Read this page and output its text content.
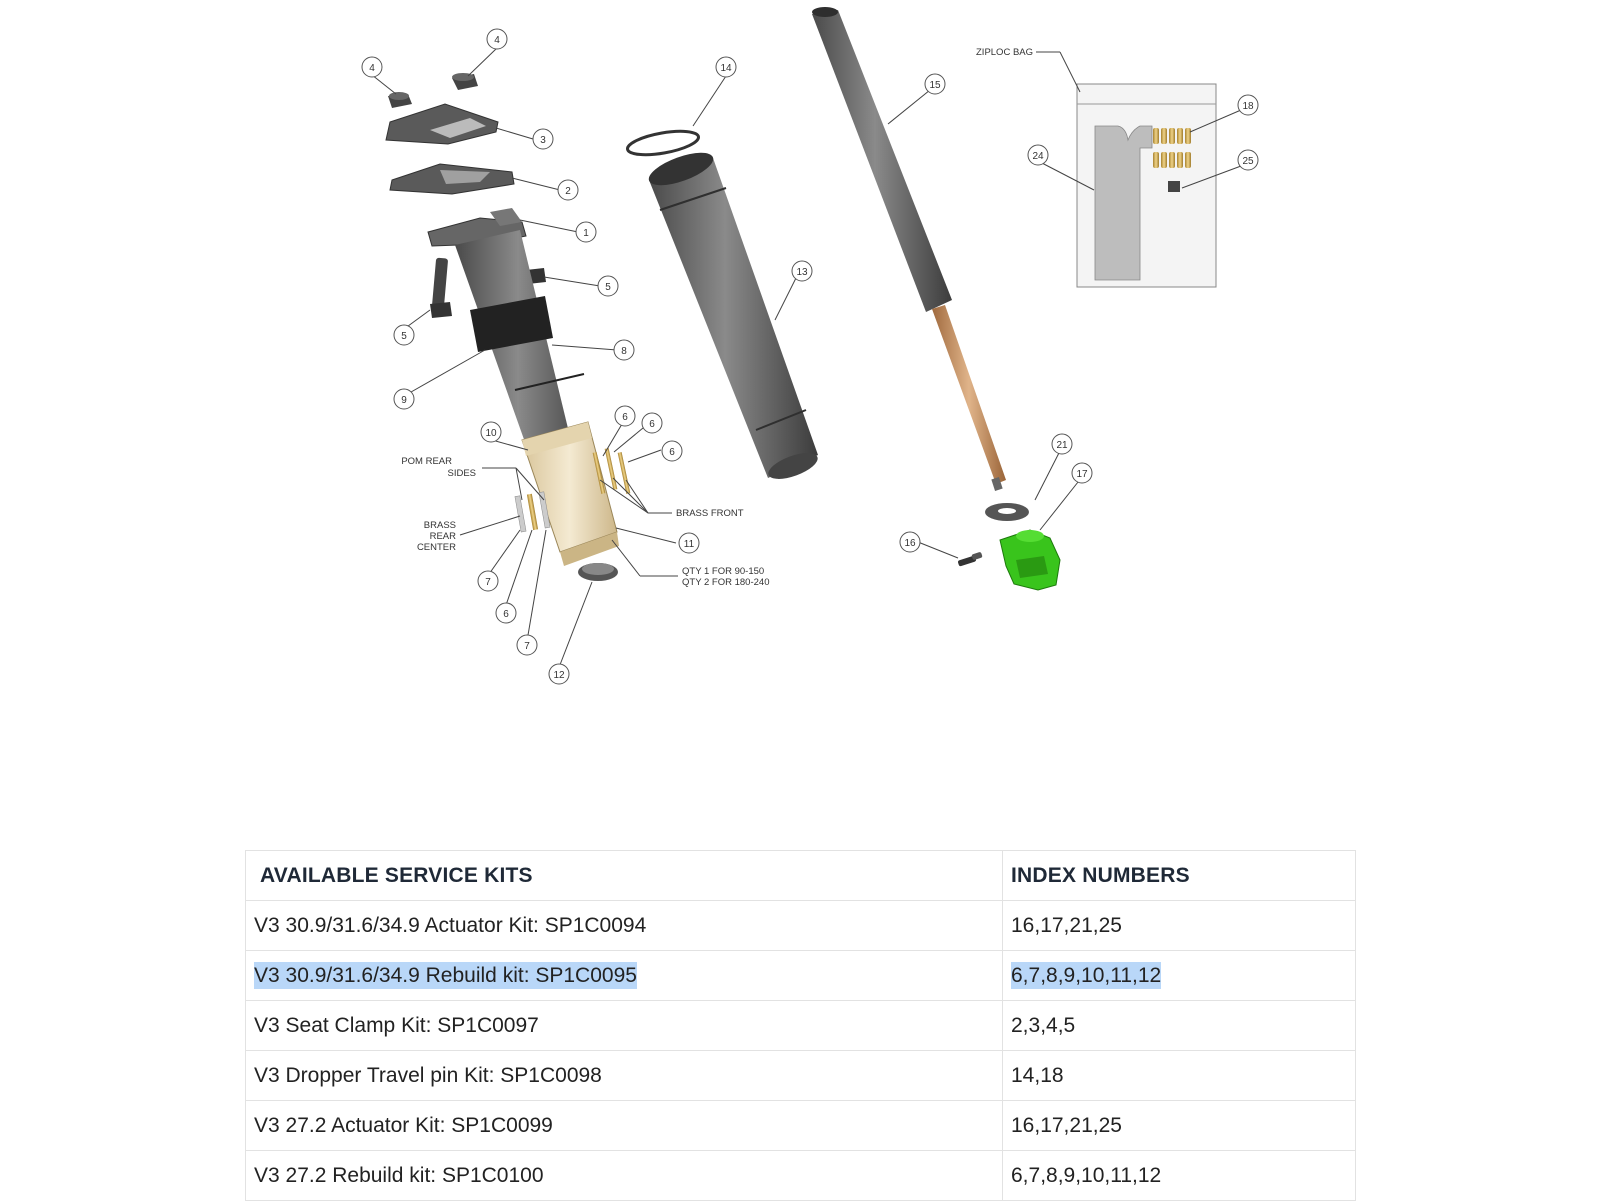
ZIPLOC BAG
POM REAR
SIDES
BRASS
REAR
CENTER
BRASS FRONT
QTY 1 FOR 90-150
QTY 2 FOR 180-240
4
4
3
2
1
5
5
8
9
10
6
6
6
11
7
6
7
12
14
13
15
21
17
16
18
24	25
AVAILABLE SERVICE KITS	INDEX NUMBERS
V3 30.9/31.6/34.9 Actuator Kit: SP1C0094	16,17,21,25
V3 30.9/31.6/34.9 Rebuild kit: SP1C0095	6,7,8,9,10,11,12
V3 Seat Clamp Kit: SP1C0097	2,3,4,5
V3 Dropper Travel pin Kit: SP1C0098	14,18
V3 27.2 Actuator Kit: SP1C0099	16,17,21,25
V3 27.2 Rebuild kit: SP1C0100	6,7,8,9,10,11,12
